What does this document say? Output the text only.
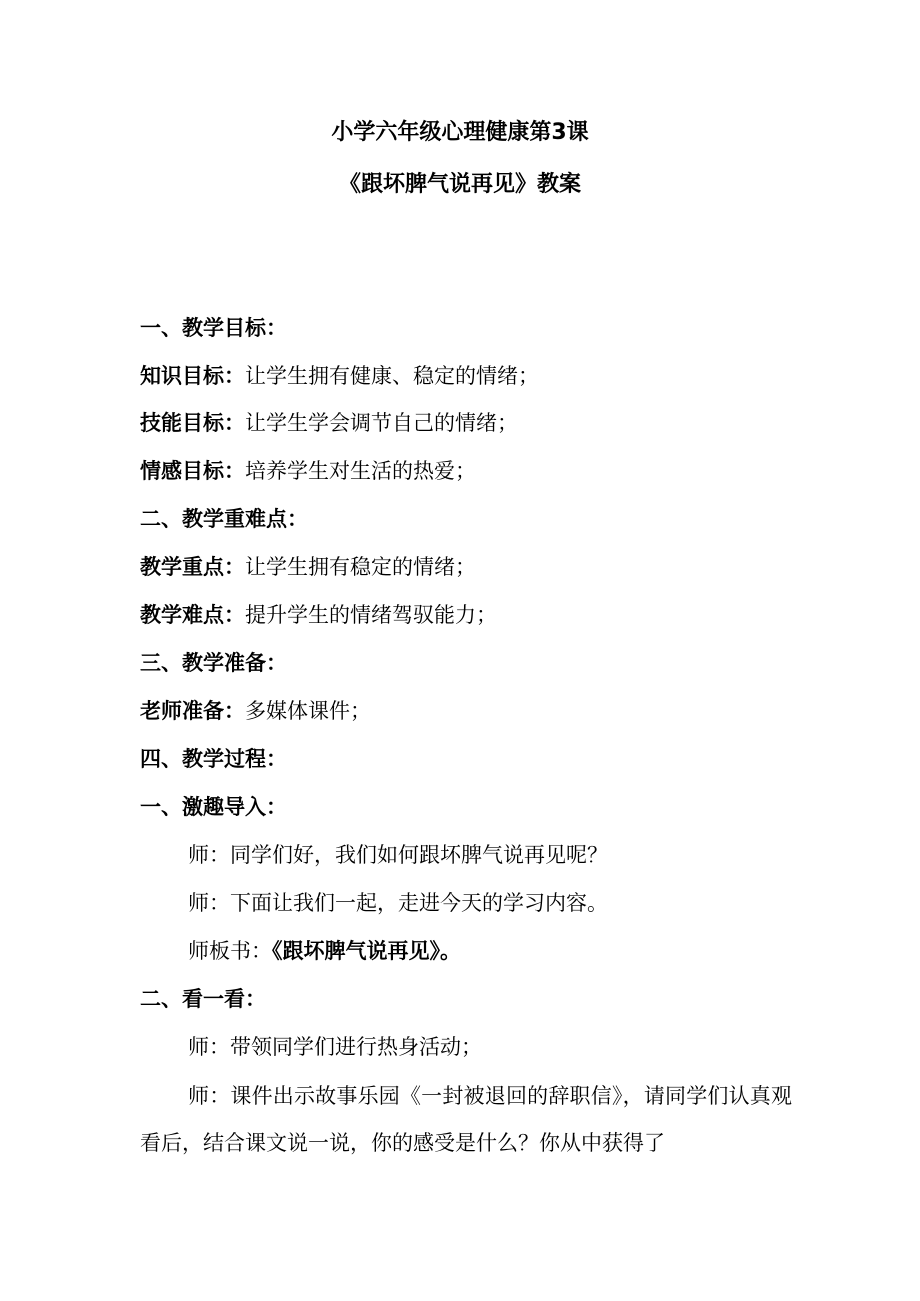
小学六年级心理健康第3课
《跟坏脾气说再见》教案
一、教学目标：
知识目标：让学生拥有健康、稳定的情绪；
技能目标：让学生学会调节自己的情绪；
情感目标：培养学生对生活的热爱；
二、教学重难点：
教学重点：让学生拥有稳定的情绪；
教学难点：提升学生的情绪驾驭能力；
三、教学准备：
老师准备：多媒体课件；
四、教学过程：
一、激趣导入：
师：同学们好，我们如何跟坏脾气说再见呢？
师：下面让我们一起，走进今天的学习内容。
师板书：《跟坏脾气说再见》。
二、看一看：
师：带领同学们进行热身活动；
师：课件出示故事乐园《一封被退回的辞职信》，请同学们认真观看后，结合课文说一说，你的感受是什么？你从中获得了
